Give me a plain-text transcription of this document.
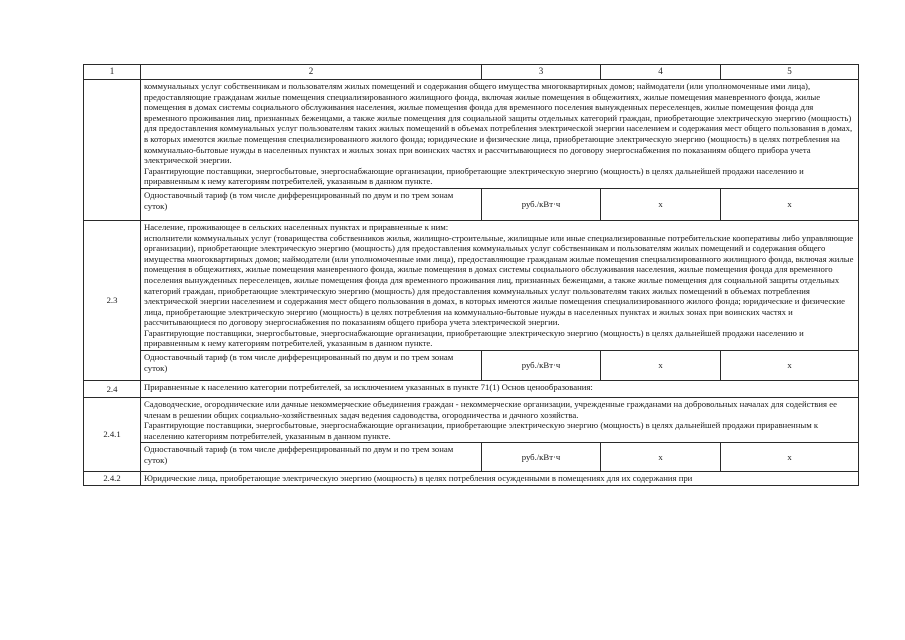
1	2	3	4	5

	коммунальных услуг собственникам и пользователям жилых помещений и содержания общего имущества многоквартирных домов; наймодатели (или уполномоченные ими лица), предоставляющие гражданам жилые помещения специализированного жилищного фонда, включая жилые помещения в общежитиях, жилые помещения маневренного фонда, жилые помещения в домах системы социального обслуживания населения, жилые помещения фонда для временного поселения вынужденных переселенцев, жилые помещения фонда для временного проживания лиц, признанных беженцами, а также жилые помещения для социальной защиты отдельных категорий граждан, приобретающие электрическую энергию (мощность) для предоставления коммунальных услуг пользователям таких жилых помещений в объемах потребления электрической энергии населением и содержания мест общего пользования в домах, в которых имеются жилые помещения специализированного жилого фонда; юридические и физические лица, приобретающие электрическую энергию (мощность) в целях потребления на коммунально-бытовые нужды в населенных пунктах и жилых зонах при воинских частях и рассчитывающиеся по договору энергоснабжения по показаниям общего прибора учета электрической энергии.

Гарантирующие поставщики, энергосбытовые, энергоснабжающие организации, приобретающие электрическую энергию (мощность) в целях дальнейшей продажи населению и приравненным к нему категориям потребителей, указанным в данном пункте.			

	Одноставочный тариф (в том числе дифференцированный по двум и по трем зонам суток)	руб./кВт·ч	x	x
2.3	Население, проживающее в сельских населенных пунктах и приравненные к ним:

исполнители коммунальных услуг (товарищества собственников жилья, жилищно-строительные, жилищные или иные специализированные потребительские кооперативы либо управляющие организации), приобретающие электрическую энергию (мощность) для предоставления коммунальных услуг собственникам и пользователям жилых помещений и содержания общего имущества многоквартирных домов; наймодатели (или уполномоченные ими лица), предоставляющие гражданам жилые помещения специализированного жилищного фонда, включая жилые помещения в общежитиях, жилые помещения маневренного фонда, жилые помещения в домах системы социального обслуживания населения, жилые помещения фонда для временного поселения вынужденных переселенцев, жилые помещения фонда для временного проживания лиц, признанных беженцами, а также жилые помещения для социальной защиты отдельных категорий граждан, приобретающие электрическую энергию (мощность) для предоставления коммунальных услуг пользователям таких жилых помещений в объемах потребления электрической энергии населением и содержания мест общего пользования в домах, в которых имеются жилые помещения специализированного жилого фонда; юридические и физические лица, приобретающие электрическую энергию (мощность) в целях потребления на коммунально-бытовые нужды в населенных пунктах и жилых зонах при воинских частях и рассчитывающиеся по договору энергоснабжения по показаниям общего прибора учета электрической энергии.

Гарантирующие поставщики, энергосбытовые, энергоснабжающие организации, приобретающие электрическую энергию (мощность) в целях дальнейшей продажи населению и приравненным к нему категориям потребителей, указанным в данном пункте.			

	Одноставочный тариф (в том числе дифференцированный по двум и по трем зонам суток)	руб./кВт·ч	x	x
2.4	Приравненные к населению категории потребителей, за исключением указанных в пункте 71(1) Основ ценообразования:			
2.4.1	Садоводческие, огороднические или дачные некоммерческие объединения граждан - некоммерческие организации, учрежденные гражданами на добровольных началах для содействия ее членам в решении общих социально-хозяйственных задач ведения садоводства, огородничества и дачного хозяйства.

Гарантирующие поставщики, энергосбытовые, энергоснабжающие организации, приобретающие электрическую энергию (мощность) в целях дальнейшей продажи приравненным к населению категориям потребителей, указанным в данном пункте.			

	Одноставочный тариф (в том числе дифференцированный по двум и по трем зонам суток)	руб./кВт·ч	x	x
2.4.2	Юридические лица, приобретающие электрическую энергию (мощность) в целях потребления осужденными в помещениях для их содержания при			
